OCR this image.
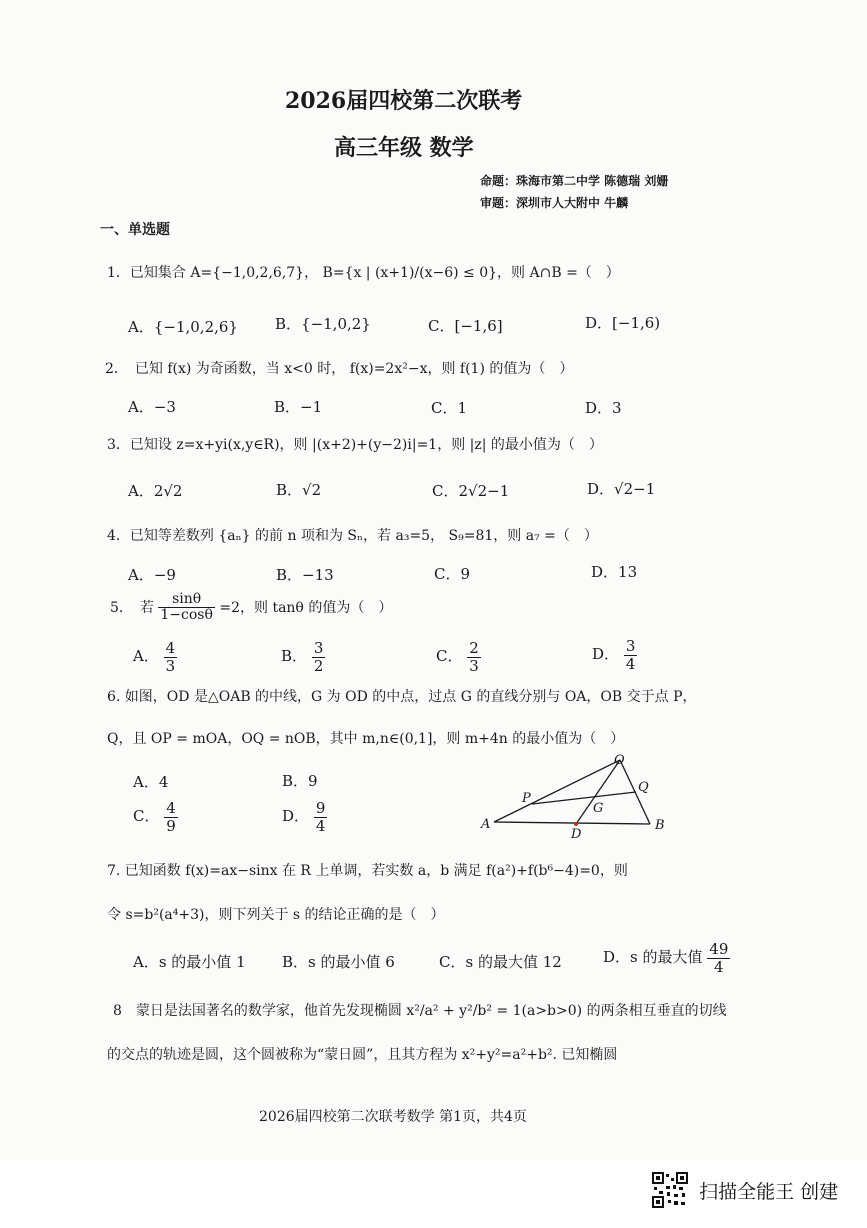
2026届四校第二次联考
高三年级 数学
命题：珠海市第二中学 陈德瑞 刘姗
审题：深圳市人大附中 牛麟
一、单选题
1．已知集合 A={−1,0,2,6,7}， B={x | (x+1)/(x−6) ≤ 0}，则 A∩B =（　）
A．{−1,0,2,6} B．{−1,0,2}	C．[−1,6]	D．[−1,6)
2．　已知 f(x) 为奇函数，当 x<0 时， f(x)=2x²−x，则 f(1) 的值为（　）
A．−3	B．−1	C．1	D．3
3．已知设 z=x+yi(x,y∈R)，则 |(x+2)+(y−2)i|=1，则 |z| 的最小值为（　）
A．2√2	B．√2	C．2√2−1	D．√2−1
4．已知等差数列 {aₙ} 的前 n 项和为 Sₙ，若 a₃=5， S₉=81，则 a₇ =（　）
A．−9	B．−13	C．9	D．13
5．　若 $\frac{\sin\theta}{1-\cos\theta} =2$，则 tanθ 的值为（　）
A． $\frac{4}{3}$	B． $\frac{3}{2}$	C． $\frac{2}{3}$	D． $\frac{3}{4}$
6. 如图，OD 是△OAB 的中线，G 为 OD 的中点，过点 G 的直线分别与 OA，OB 交于点 P，
Q，且 OP = mOA，OQ = nOB，其中 m,n∈(0,1]，则 m+4n 的最小值为（　）
A．4	B．9
C． $\frac{4}{9}$	D． $\frac{9}{4}$
O
P
Q
G
A
D
B
7. 已知函数 f(x)=ax−sinx 在 R 上单调，若实数 a，b 满足 f(a²)+f(b⁶−4)=0，则
令 s=b²(a⁴+3)，则下列关于 s 的结论正确的是（　）
A．s 的最小值 1 B．s 的最小值 6	C．s 的最大值 12	D．s 的最大值 $\frac{49}{4}$
8　蒙日是法国著名的数学家，他首先发现椭圆 x²/a² + y²/b² = 1(a>b>0) 的两条相互垂直的切线
的交点的轨迹是圆，这个圆被称为“蒙日圆”，且其方程为 x²+y²=a²+b². 已知椭圆
2026届四校第二次联考数学 第1页，共4页
扫描全能王 创建
